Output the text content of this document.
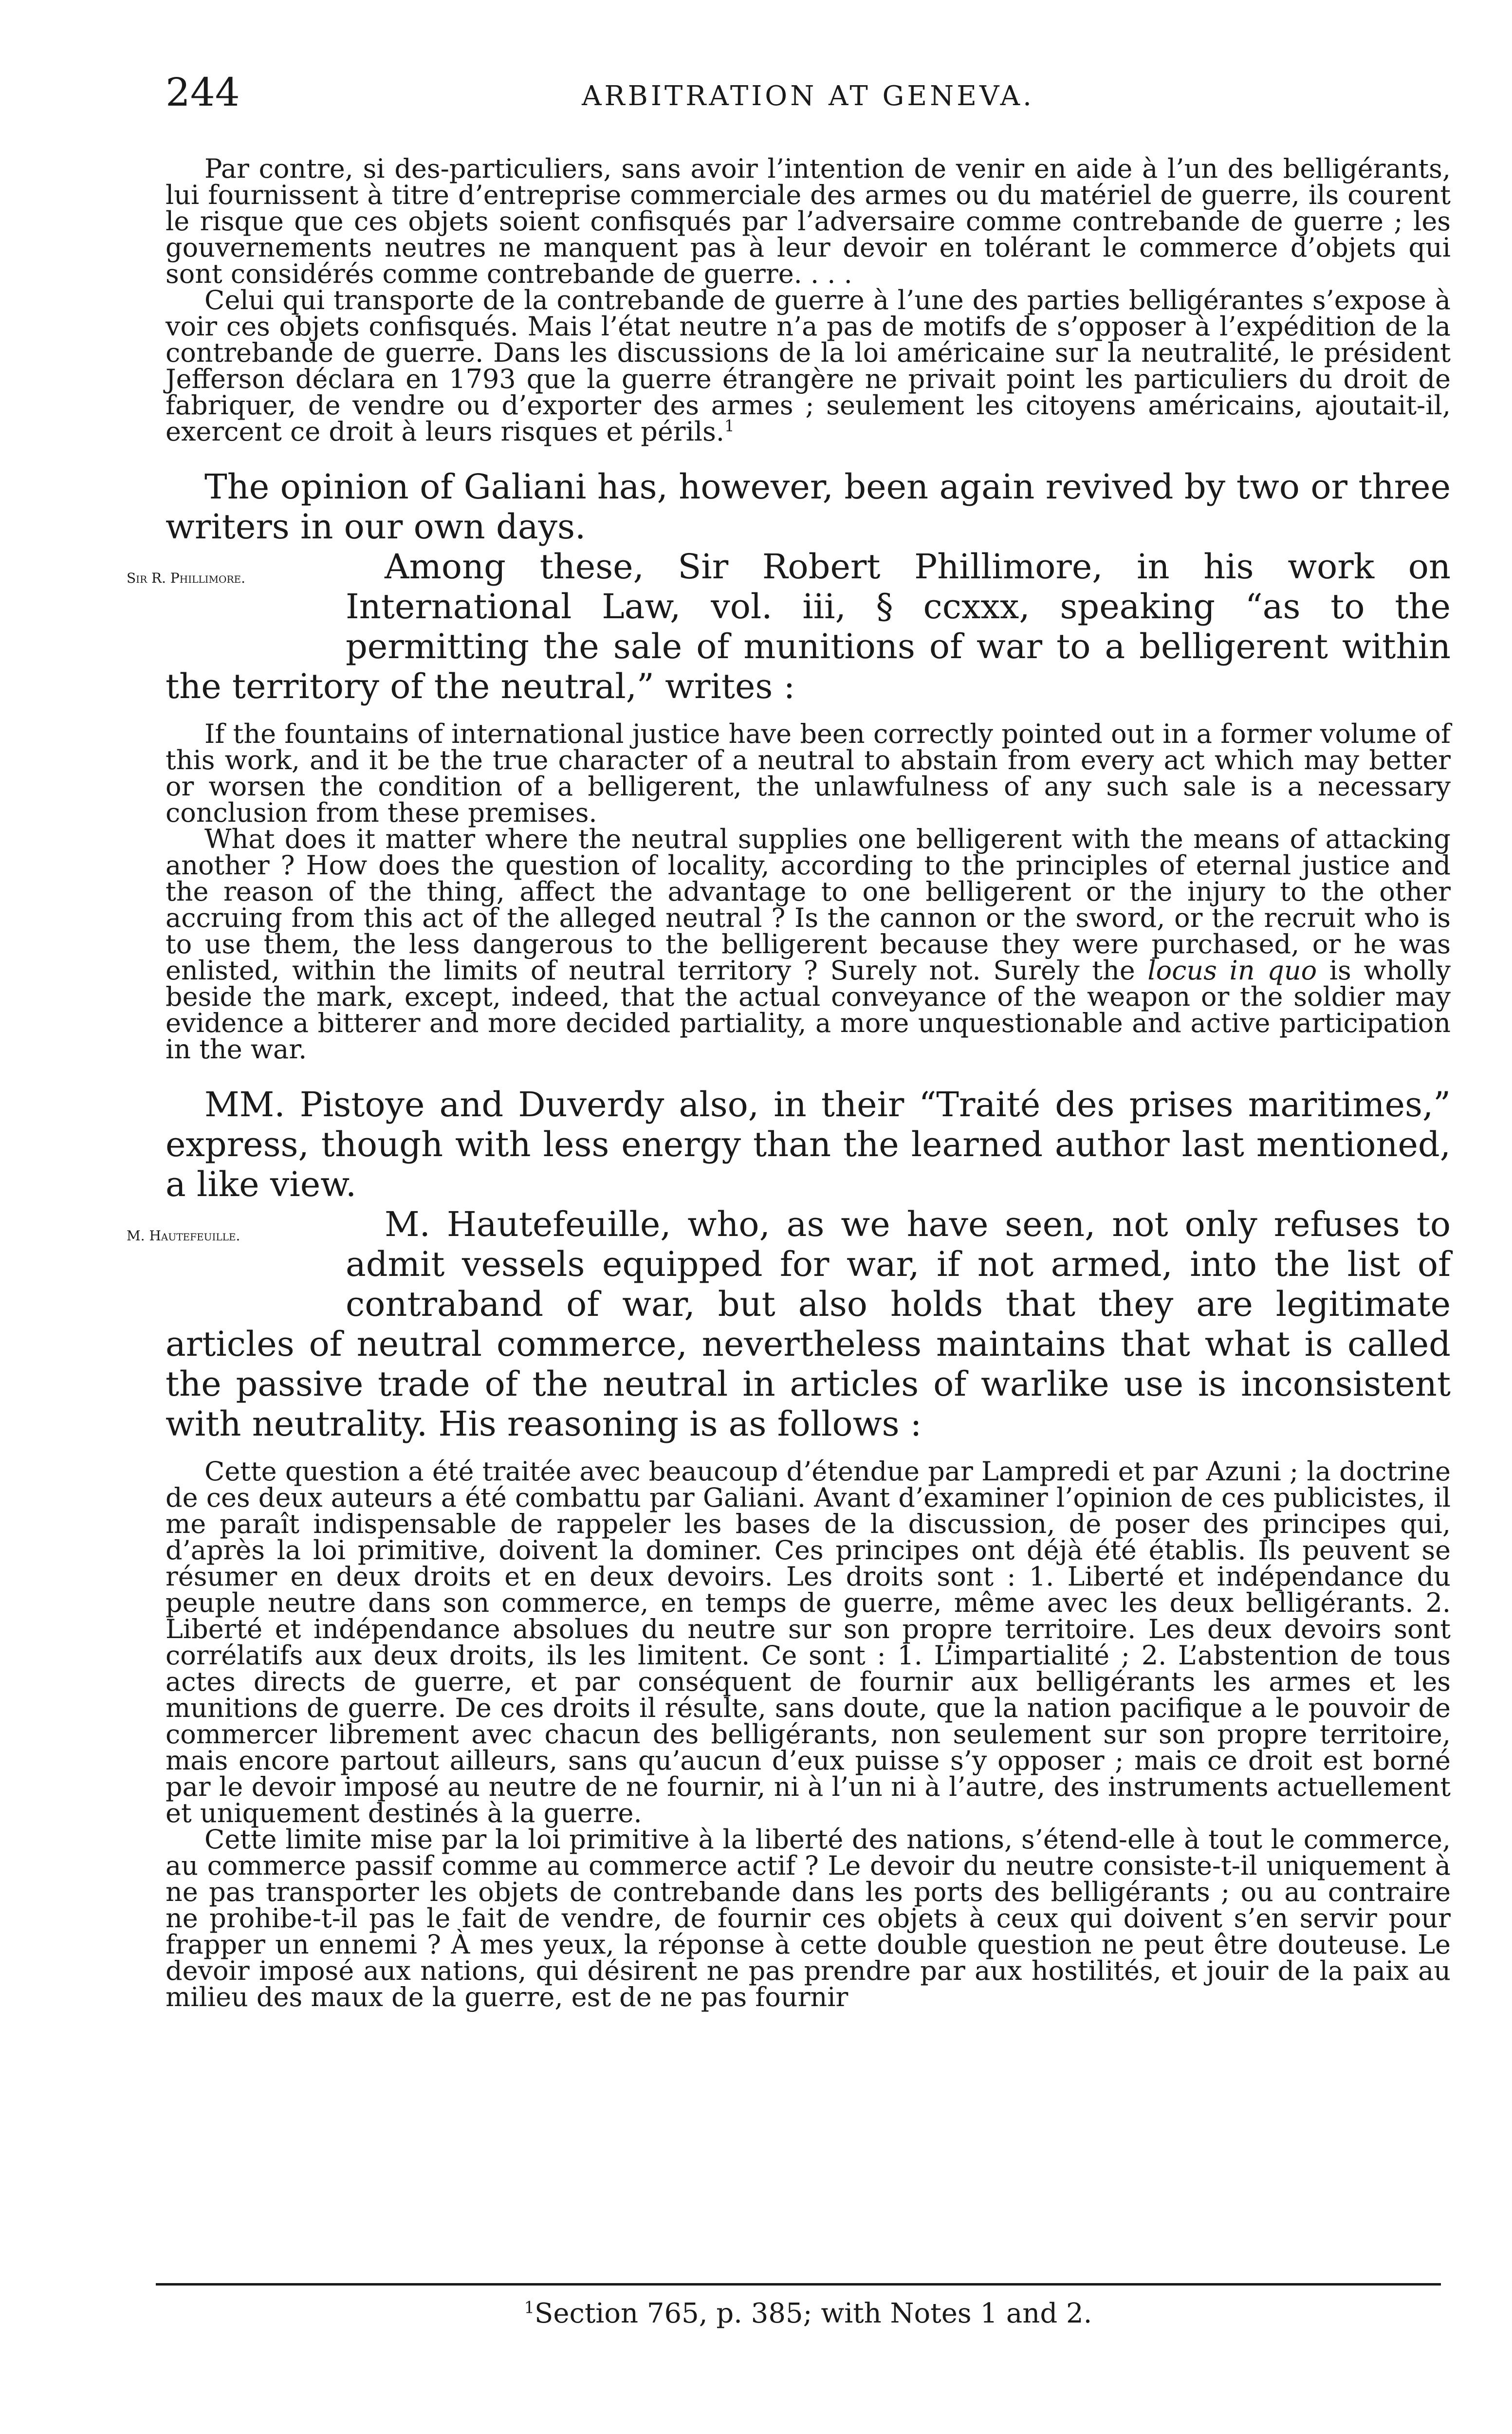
244	ARBITRATION AT GENEVA.

Par contre, si des-particuliers, sans avoir l’intention de venir en aide à l’un des belligérants, lui fournissent à titre d’entreprise commerciale des armes ou du matériel de guerre, ils courent le risque que ces objets soient confisqués par l’adversaire comme contrebande de guerre ; les gouvernements neutres ne manquent pas à leur devoir en tolérant le commerce d’objets qui sont considérés comme contrebande de guerre. . . .

Celui qui transporte de la contrebande de guerre à l’une des parties belligérantes s’expose à voir ces objets confisqués. Mais l’état neutre n’a pas de motifs de s’opposer à l’expédition de la contrebande de guerre. Dans les discussions de la loi américaine sur la neutralité, le président Jefferson déclara en 1793 que la guerre étrangère ne privait point les particuliers du droit de fabriquer, de vendre ou d’exporter des armes ; seulement les citoyens américains, ajoutait-il, exercent ce droit à leurs risques et périls.$^1$

The opinion of Galiani has, however, been again revived by two or three writers in our own days.

Sir R. Phillimore.	Among these, Sir Robert Phillimore, in his work on International Law, vol. iii, § ccxxx, speaking “as to the permitting the sale of munitions of war to a belligerent within the territory of the neutral,” writes :

If the fountains of international justice have been correctly pointed out in a former volume of this work, and it be the true character of a neutral to abstain from every act which may better or worsen the condition of a belligerent, the unlawfulness of any such sale is a necessary conclusion from these premises.

What does it matter where the neutral supplies one belligerent with the means of attacking another ? How does the question of locality, according to the principles of eternal justice and the reason of the thing, affect the advantage to one belligerent or the injury to the other accruing from this act of the alleged neutral ? Is the cannon or the sword, or the recruit who is to use them, the less dangerous to the belligerent because they were purchased, or he was enlisted, within the limits of neutral territory ? Surely not. Surely the locus in quo is wholly beside the mark, except, indeed, that the actual conveyance of the weapon or the soldier may evidence a bitterer and more decided partiality, a more unquestionable and active participation in the war.

MM. Pistoye and Duverdy also, in their “Traité des prises maritimes,” express, though with less energy than the learned author last mentioned, a like view.

M. Hautefeuille.	M. Hautefeuille, who, as we have seen, not only refuses to admit vessels equipped for war, if not armed, into the list of contraband of war, but also holds that they are legitimate articles of neutral commerce, nevertheless maintains that what is called the passive trade of the neutral in articles of warlike use is inconsistent with neutrality. His reasoning is as follows :

Cette question a été traitée avec beaucoup d’étendue par Lampredi et par Azuni ; la doctrine de ces deux auteurs a été combattu par Galiani. Avant d’examiner l’opinion de ces publicistes, il me paraît indispensable de rappeler les bases de la discussion, de poser des principes qui, d’après la loi primitive, doivent la dominer. Ces principes ont déjà été établis. Ils peuvent se résumer en deux droits et en deux devoirs. Les droits sont : 1. Liberté et indépendance du peuple neutre dans son commerce, en temps de guerre, même avec les deux belligérants. 2. Liberté et indépendance absolues du neutre sur son propre territoire. Les deux devoirs sont corrélatifs aux deux droits, ils les limitent. Ce sont : 1. L’impartialité ; 2. L’abstention de tous actes directs de guerre, et par conséquent de fournir aux belligérants les armes et les munitions de guerre. De ces droits il résulte, sans doute, que la nation pacifique a le pouvoir de commercer librement avec chacun des belligérants, non seulement sur son propre territoire, mais encore partout ailleurs, sans qu’aucun d’eux puisse s’y opposer ; mais ce droit est borné par le devoir imposé au neutre de ne fournir, ni à l’un ni à l’autre, des instruments actuellement et uniquement destinés à la guerre.

Cette limite mise par la loi primitive à la liberté des nations, s’étend-elle à tout le commerce, au commerce passif comme au commerce actif ? Le devoir du neutre consiste-t-il uniquement à ne pas transporter les objets de contrebande dans les ports des belligérants ; ou au contraire ne prohibe-t-il pas le fait de vendre, de fournir ces objets à ceux qui doivent s’en servir pour frapper un ennemi ? À mes yeux, la réponse à cette double question ne peut être douteuse. Le devoir imposé aux nations, qui désirent ne pas prendre par aux hostilités, et jouir de la paix au milieu des maux de la guerre, est de ne pas fournir

$^1$Section 765, p. 385; with Notes 1 and 2.
